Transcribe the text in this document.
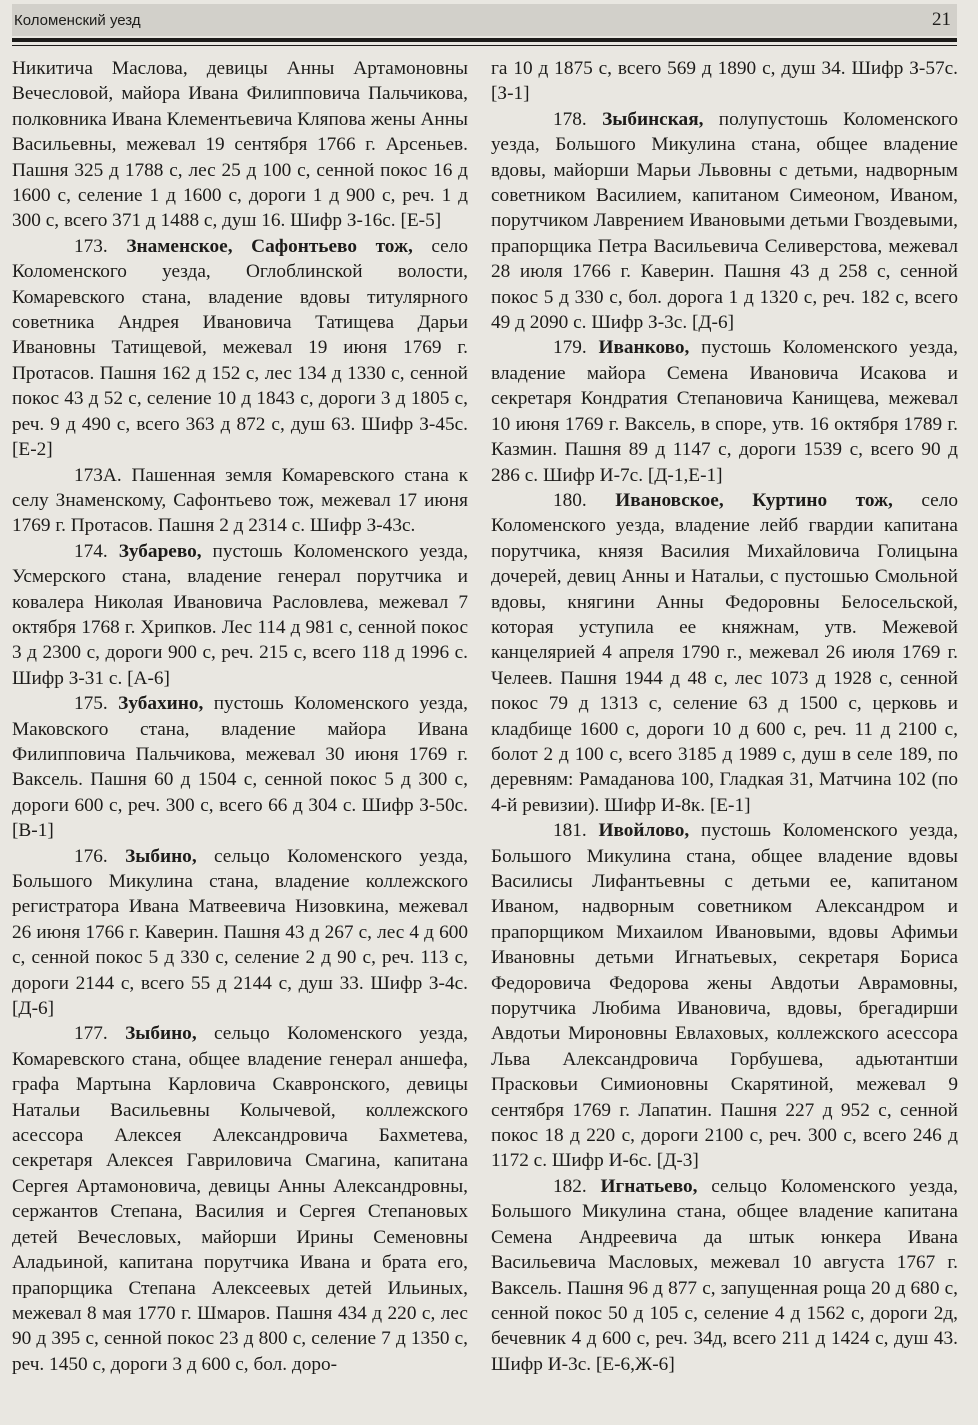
Коломенский уезд	21

Никитича Маслова, девицы Анны Артамоновны Вечесловой, майора Ивана Филипповича Пальчикова, полковника Ивана Клементьевича Кляпова жены Анны Васильевны, межевал 19 сентября 1766 г. Арсеньев. Пашня 325 д 1788 с, лес 25 д 100 с, сенной покос 16 д 1600 с, селение 1 д 1600 с, дороги 1 д 900 с, реч. 1 д 300 с, всего 371 д 1488 с, душ 16. Шифр З-16с. [Е-5]

173. Знаменское, Сафонтьево тож, село Коломенского уезда, Оглоблинской волости, Комаревского стана, владение вдовы титулярного советника Андрея Ивановича Татищева Дарьи Ивановны Татищевой, межевал 19 июня 1769 г. Протасов. Пашня 162 д 152 с, лес 134 д 1330 с, сенной покос 43 д 52 с, селение 10 д 1843 с, дороги 3 д 1805 с, реч. 9 д 490 с, всего 363 д 872 с, душ 63. Шифр З-45с. [Е-2]

173А. Пашенная земля Комаревского стана к селу Знаменскому, Сафонтьево тож, межевал 17 июня 1769 г. Протасов. Пашня 2 д 2314 с. Шифр З-43с.

174. Зубарево, пустошь Коломенского уезда, Усмерского стана, владение генерал порутчика и ковалера Николая Ивановича Расловлева, межевал 7 октября 1768 г. Хрипков. Лес 114 д 981 с, сенной покос 3 д 2300 с, дороги 900 с, реч. 215 с, всего 118 д 1996 с. Шифр З-31 с. [А-6]

175. Зубахино, пустошь Коломенского уезда, Маковского стана, владение майора Ивана Филипповича Пальчикова, межевал 30 июня 1769 г. Ваксель. Пашня 60 д 1504 с, сенной покос 5 д 300 с, дороги 600 с, реч. 300 с, всего 66 д 304 с. Шифр З-50с. [В-1]

176. Зыбино, сельцо Коломенского уезда, Большого Микулина стана, владение коллежского регистратора Ивана Матвеевича Низовкина, межевал 26 июня 1766 г. Каверин. Пашня 43 д 267 с, лес 4 д 600 с, сенной покос 5 д 330 с, селение 2 д 90 с, реч. 113 с, дороги 2144 с, всего 55 д 2144 с, душ 33. Шифр З-4с. [Д-6]

177. Зыбино, сельцо Коломенского уезда, Комаревского стана, общее владение генерал аншефа, графа Мартына Карловича Скавронского, девицы Натальи Васильевны Колычевой, коллежского асессора Алексея Александровича Бахметева, секретаря Алексея Гавриловича Смагина, капитана Сергея Артамоновича, девицы Анны Александровны, сержантов Степана, Василия и Сергея Степановых детей Вечесловых, майорши Ирины Семеновны Аладьиной, капитана порутчика Ивана и брата его, прапорщика Степана Алексеевых детей Ильиных, межевал 8 мая 1770 г. Шмаров. Пашня 434 д 220 с, лес 90 д 395 с, сенной покос 23 д 800 с, селение 7 д 1350 с, реч. 1450 с, дороги 3 д 600 с, бол. доро-

га 10 д 1875 с, всего 569 д 1890 с, душ 34. Шифр З-57с. [З-1]

178. Зыбинская, полупустошь Коломенского уезда, Большого Микулина стана, общее владение вдовы, майорши Марьи Львовны с детьми, надворным советником Василием, капитаном Симеоном, Иваном, порутчиком Лаврением Ивановыми детьми Гвоздевыми, прапорщика Петра Васильевича Селиверстова, межевал 28 июля 1766 г. Каверин. Пашня 43 д 258 с, сенной покос 5 д 330 с, бол. дорога 1 д 1320 с, реч. 182 с, всего 49 д 2090 с. Шифр З-3с. [Д-6]

179. Иванково, пустошь Коломенского уезда, владение майора Семена Ивановича Исакова и секретаря Кондратия Степановича Канищева, межевал 10 июня 1769 г. Ваксель, в споре, утв. 16 октября 1789 г. Казмин. Пашня 89 д 1147 с, дороги 1539 с, всего 90 д 286 с. Шифр И-7с. [Д-1,Е-1]

180. Ивановское, Куртино тож, село Коломенского уезда, владение лейб гвардии капитана порутчика, князя Василия Михайловича Голицына дочерей, девиц Анны и Натальи, с пустошью Смольной вдовы, княгини Анны Федоровны Белосельской, которая уступила ее княжнам, утв. Межевой канцелярией 4 апреля 1790 г., межевал 26 июля 1769 г. Челеев. Пашня 1944 д 48 с, лес 1073 д 1928 с, сенной покос 79 д 1313 с, селение 63 д 1500 с, церковь и кладбище 1600 с, дороги 10 д 600 с, реч. 11 д 2100 с, болот 2 д 100 с, всего 3185 д 1989 с, душ в селе 189, по деревням: Рамаданова 100, Гладкая 31, Матчина 102 (по 4-й ревизии). Шифр И-8к. [Е-1]

181. Ивойлово, пустошь Коломенского уезда, Большого Микулина стана, общее владение вдовы Василисы Лифантьевны с детьми ее, капитаном Иваном, надворным советником Александром и прапорщиком Михаилом Ивановыми, вдовы Афимьи Ивановны детьми Игнатьевых, секретаря Бориса Федоровича Федорова жены Авдотьи Аврамовны, порутчика Любима Ивановича, вдовы, брегадирши Авдотьи Мироновны Евлаховых, коллежского асессора Льва Александровича Горбушева, адьютантши Прасковьи Симионовны Скарятиной, межевал 9 сентября 1769 г. Лапатин. Пашня 227 д 952 с, сенной покос 18 д 220 с, дороги 2100 с, реч. 300 с, всего 246 д 1172 с. Шифр И-6с. [Д-3]

182. Игнатьево, сельцо Коломенского уезда, Большого Микулина стана, общее владение капитана Семена Андреевича да штык юнкера Ивана Васильевича Масловых, межевал 10 августа 1767 г. Ваксель. Пашня 96 д 877 с, запущенная роща 20 д 680 с, сенной покос 50 д 105 с, селение 4 д 1562 с, дороги 2д, бечевник 4 д 600 с, реч. 34д, всего 211 д 1424 с, душ 43. Шифр И-3с. [Е-6,Ж-6]
